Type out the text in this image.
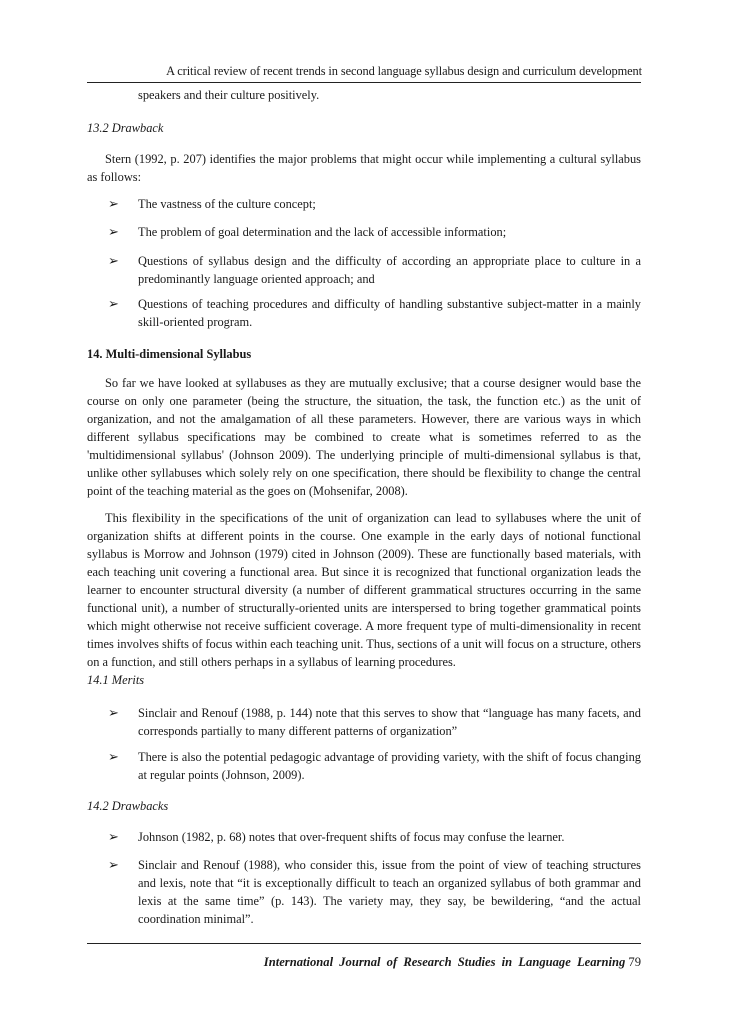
A critical review of recent trends in second language syllabus design and curriculum development
speakers and their culture positively.
13.2 Drawback
Stern (1992, p. 207) identifies the major problems that might occur while implementing a cultural syllabus as follows:
➢ The vastness of the culture concept;
➢ The problem of goal determination and the lack of accessible information;
➢ Questions of syllabus design and the difficulty of according an appropriate place to culture in a predominantly language oriented approach; and
➢ Questions of teaching procedures and difficulty of handling substantive subject-matter in a mainly skill-oriented program.
14. Multi-dimensional Syllabus
So far we have looked at syllabuses as they are mutually exclusive; that a course designer would base the course on only one parameter (being the structure, the situation, the task, the function etc.) as the unit of organization, and not the amalgamation of all these parameters. However, there are various ways in which different syllabus specifications may be combined to create what is sometimes referred to as the 'multidimensional syllabus' (Johnson 2009). The underlying principle of multi-dimensional syllabus is that, unlike other syllabuses which solely rely on one specification, there should be flexibility to change the central point of the teaching material as the goes on (Mohsenifar, 2008).
This flexibility in the specifications of the unit of organization can lead to syllabuses where the unit of organization shifts at different points in the course. One example in the early days of notional functional syllabus is Morrow and Johnson (1979) cited in Johnson (2009). These are functionally based materials, with each teaching unit covering a functional area. But since it is recognized that functional organization leads the learner to encounter structural diversity (a number of different grammatical structures occurring in the same functional unit), a number of structurally-oriented units are interspersed to bring together grammatical points which might otherwise not receive sufficient coverage. A more frequent type of multi-dimensionality in recent times involves shifts of focus within each teaching unit. Thus, sections of a unit will focus on a structure, others on a function, and still others perhaps in a syllabus of learning procedures.
14.1 Merits
➢ Sinclair and Renouf (1988, p. 144) note that this serves to show that “language has many facets, and corresponds partially to many different patterns of organization”
➢ There is also the potential pedagogic advantage of providing variety, with the shift of focus changing at regular points (Johnson, 2009).
14.2 Drawbacks
➢ Johnson (1982, p. 68) notes that over-frequent shifts of focus may confuse the learner.
➢ Sinclair and Renouf (1988), who consider this, issue from the point of view of teaching structures and lexis, note that “it is exceptionally difficult to teach an organized syllabus of both grammar and lexis at the same time” (p. 143). The variety may, they say, be bewildering, “and the actual coordination minimal”.
International Journal of Research Studies in Language Learning 79
